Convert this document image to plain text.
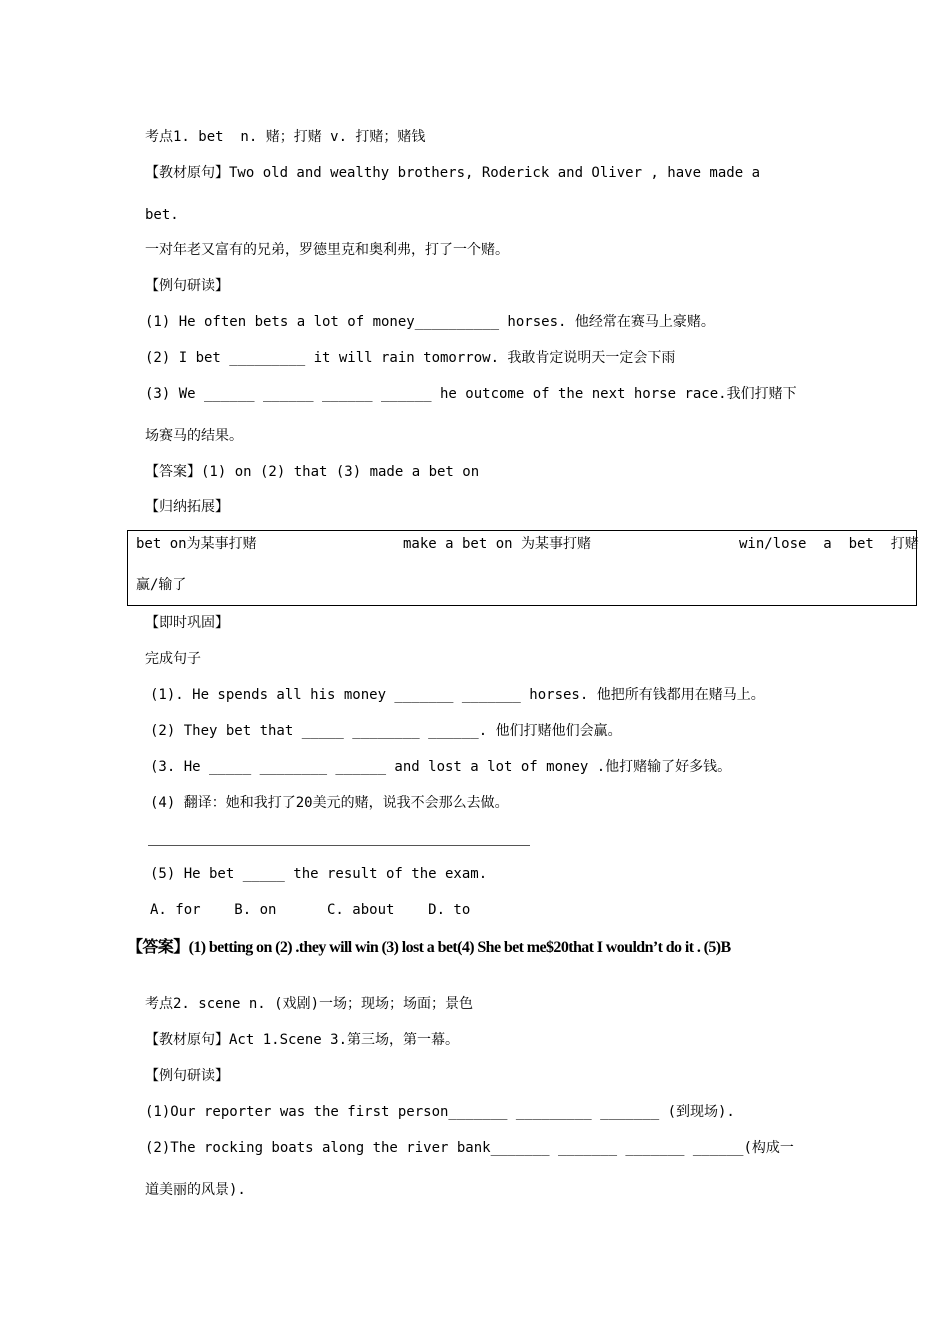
考点1. bet  n. 赌；打赌 v. 打赌；赌钱
【教材原句】Two old and wealthy brothers, Roderick and Oliver , have made a
bet.
一对年老又富有的兄弟，罗德里克和奥利弗，打了一个赌。
【例句研读】
(1) He often bets a lot of money__________ horses. 他经常在赛马上豪赌。
(2) I bet _________ it will rain tomorrow. 我敢肯定说明天一定会下雨
(3) We ______ ______ ______ ______ he outcome of the next horse race.我们打赌下
场赛马的结果。
【答案】(1) on (2) that (3) made a bet on
【归纳拓展】
bet on为某事打赌	make a bet on 为某事打赌	win/lose  a  bet  打赌
赢/输了
【即时巩固】
完成句子
(1). He spends all his money _______ _______ horses. 他把所有钱都用在赌马上。
(2) They bet that _____ ________ ______. 他们打赌他们会赢。
(3. He _____ ________ ______ and lost a lot of money .他打赌输了好多钱。
(4) 翻译：她和我打了20美元的赌，说我不会那么去做。
(5) He bet _____ the result of the exam.
A. for    B. on      C. about    D. to
【答案】(1) betting on (2) .they will win (3) lost a bet(4) She bet me$20that I wouldn’t do it . (5)B
考点2. scene n. (戏剧)一场；现场；场面；景色
【教材原句】Act 1.Scene 3.第三场，第一幕。
【例句研读】
(1)Our reporter was the first person_______ _________ _______ (到现场).
(2)The rocking boats along the river bank_______ _______ _______ ______(构成一
道美丽的风景).
